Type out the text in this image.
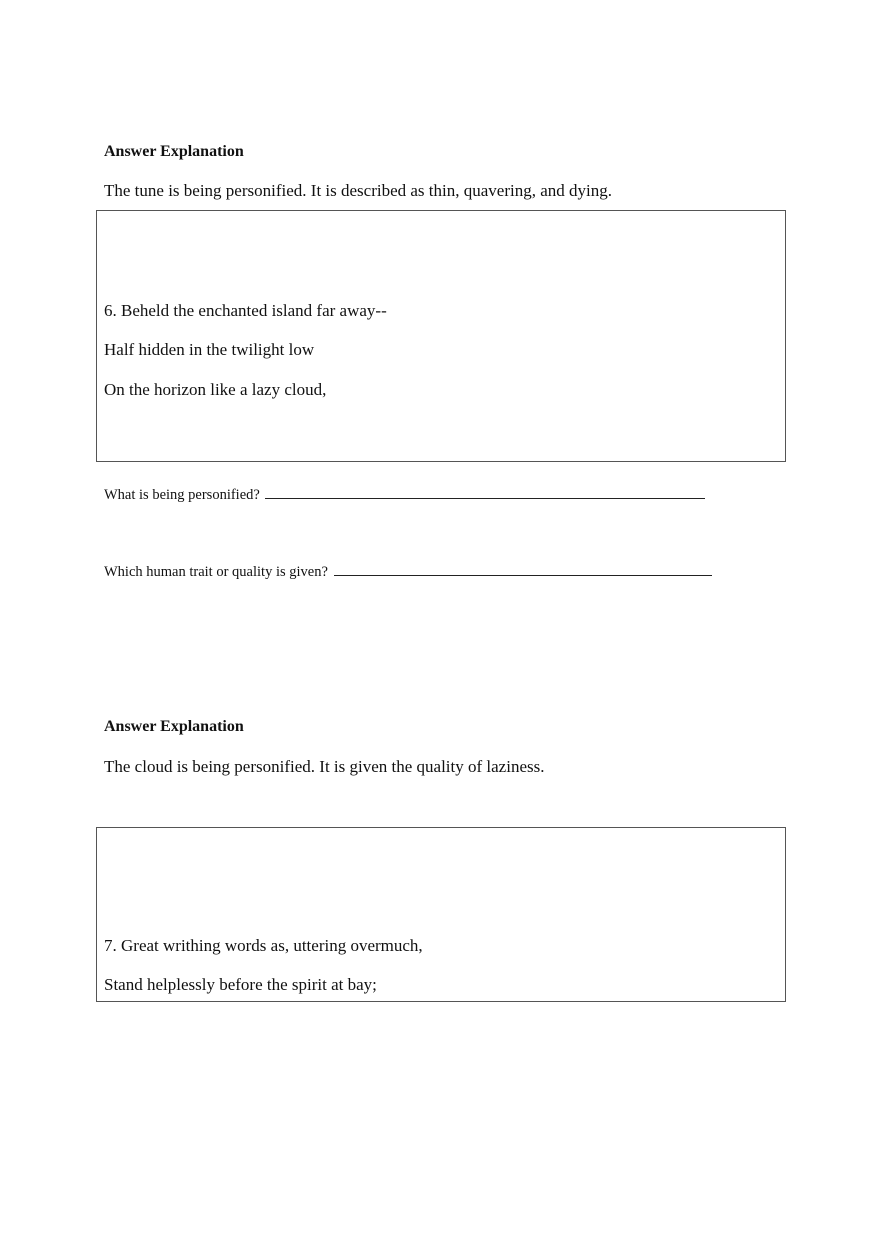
Answer Explanation
The tune is being personified. It is described as thin, quavering, and dying.
6. Beheld the enchanted island far away--
Half hidden in the twilight low
On the horizon like a lazy cloud,
What is being personified?
Which human trait or quality is given?
Answer Explanation
The cloud is being personified. It is given the quality of laziness.
7. Great writhing words as, uttering overmuch,
Stand helplessly before the spirit at bay;
